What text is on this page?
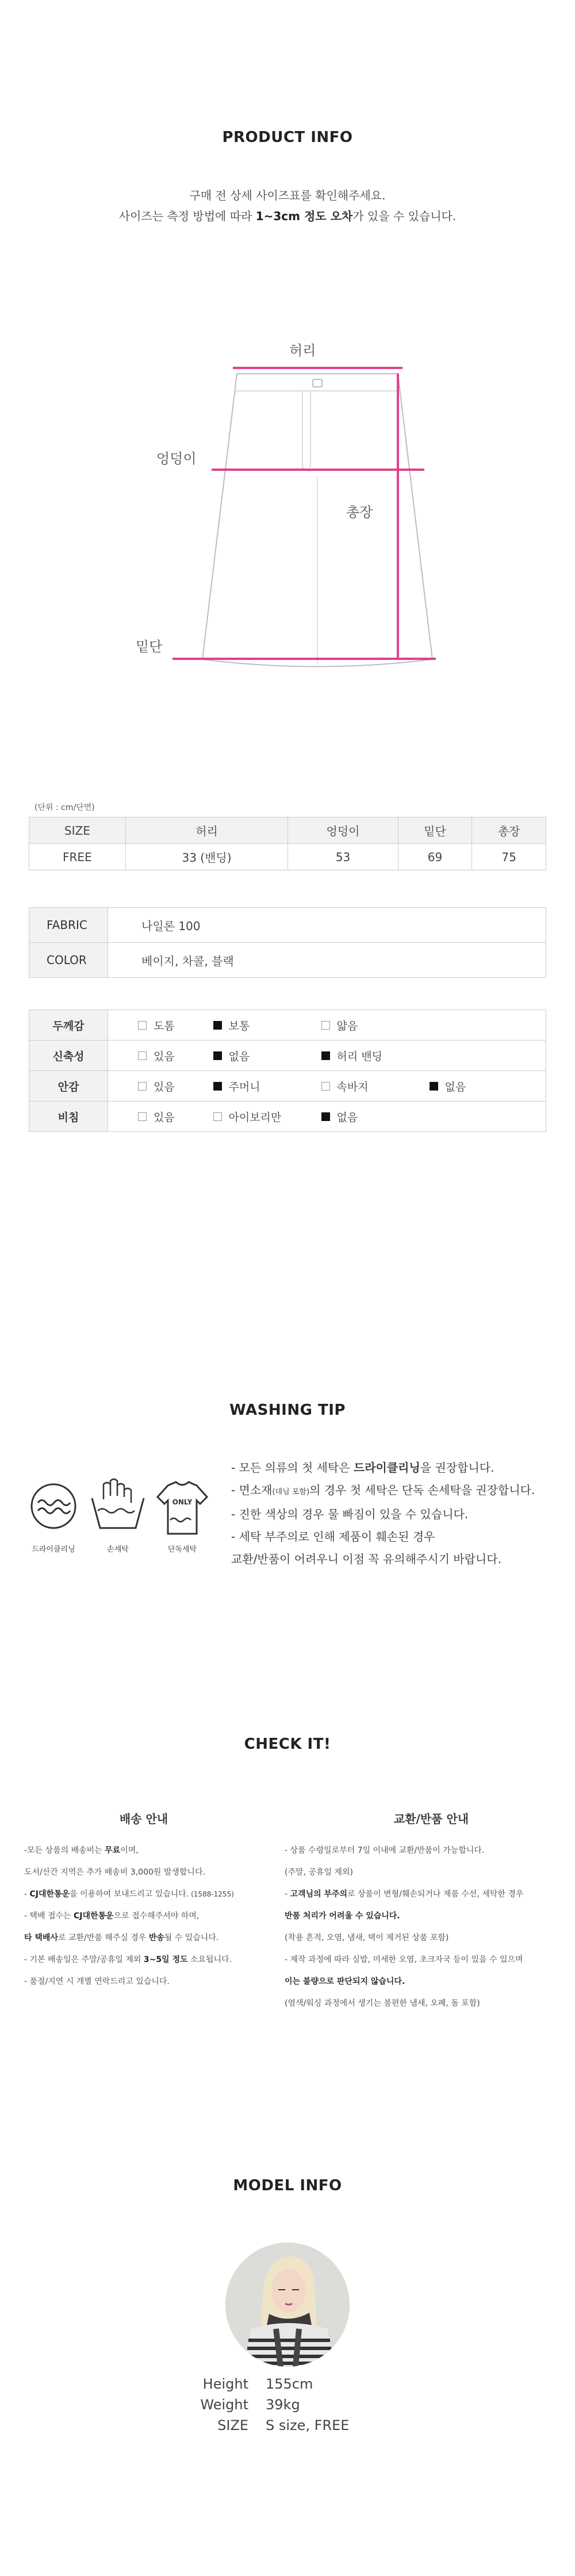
PRODUCT INFO
구매 전 상세 사이즈표를 확인해주세요.
사이즈는 측정 방법에 따라 1~3cm 정도 오차가 있을 수 있습니다.
허리
엉덩이
총장
밑단
(단위 : cm/단면)
SIZE	허리	엉덩이	밑단	총장
FREE	33 (밴딩)	53	69	75
FABRIC	나일론 100
COLOR	베이지, 차콜, 블랙
두께감	도톰	보통	얇음	

신축성	있음	없음	허리 밴딩	

안감	있음	주머니	속바지	없음

비침	있음	아이보리만	없음	
WASHING TIP
드라이클리닝	손세탁
ONLY
단독세탁
- 모든 의류의 첫 세탁은 드라이클리닝을 권장합니다.
- 면소재(데님 포함)의 경우 첫 세탁은 단독 손세탁을 권장합니다.
- 진한 색상의 경우 물 빠짐이 있을 수 있습니다.
- 세탁 부주의로 인해 제품이 훼손된 경우
교환/반품이 어려우니 이점 꼭 유의해주시기 바랍니다.
CHECK IT!
배송 안내
-모든 상품의 배송비는 무료이며,
도서/산간 지역은 추가 배송비 3,000원 발생합니다.
- CJ대한통운을 이용하여 보내드리고 있습니다. (1588-1255)
- 택배 접수는 CJ대한통운으로 접수해주셔야 하며,
타 택배사로 교환/반품 해주실 경우 반송될 수 있습니다.
- 기본 배송일은 주말/공휴일 제외 3~5일 정도 소요됩니다.
- 품절/지연 시 개별 연락드리고 있습니다.
교환/반품 안내
- 상품 수령일로부터 7일 이내에 교환/반품이 가능합니다.
(주말, 공휴일 제외)
- 고객님의 부주의로 상품이 변형/훼손되거나 제품 수선, 세탁한 경우
반품 처리가 어려울 수 있습니다.
(착용 흔적, 오염, 냄새, 택이 제거된 상품 포함)
- 제작 과정에 따라 실밥, 미세한 오염, 초크자국 등이 있을 수 있으며
이는 불량으로 판단되지 않습니다.
(염색/워싱 과정에서 생기는 불편한 냄새, 오폐, 돌 포함)
MODEL INFO
Height 155cm
Weight 39kg
SIZE S size, FREE
